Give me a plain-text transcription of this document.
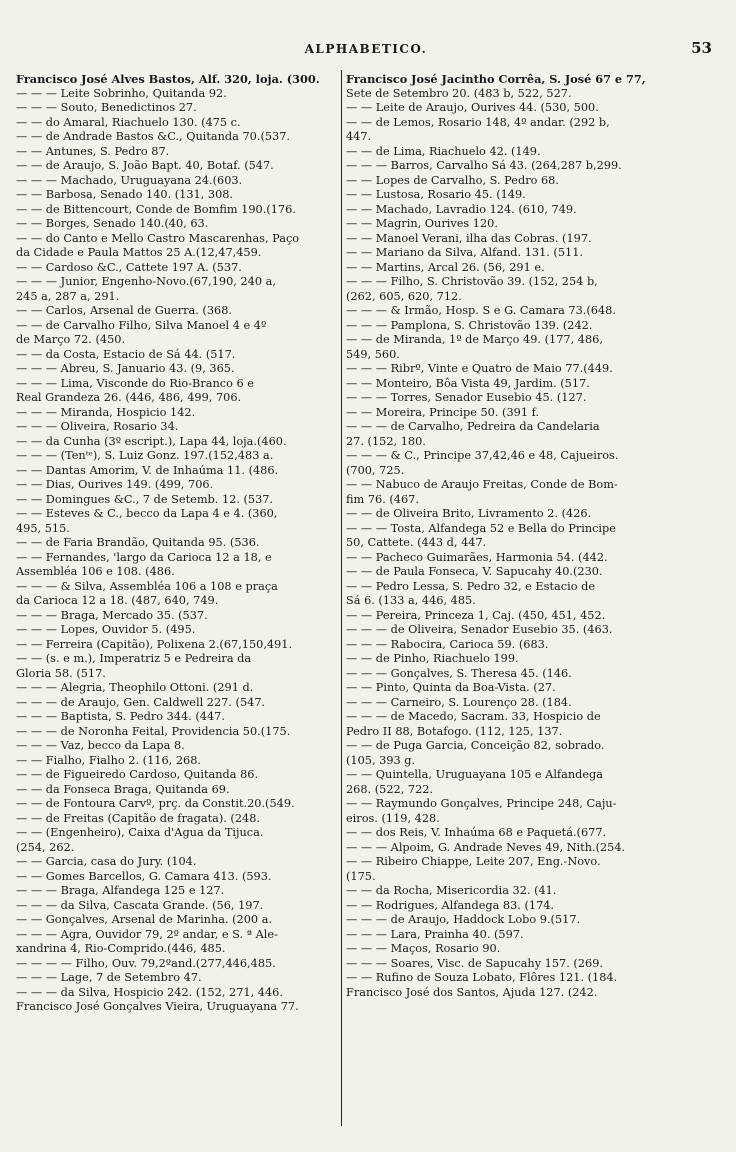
ALPHABETICO.	53
Francisco José Alves Bastos, Alf. 320, loja. (300.
— — — Leite Sobrinho, Quitanda 92.
— — — Souto, Benedictinos 27.
— — do Amaral, Riachuelo 130. (475 c.
— — de Andrade Bastos &C., Quitanda 70.(537.
— — Antunes, S. Pedro 87.
— — de Araujo, S. João Bapt. 40, Botaf. (547.
— — — Machado, Uruguayana 24.(603.
— — Barbosa, Senado 140. (131, 308.
— — de Bittencourt, Conde de Bomfim 190.(176.
— — Borges, Senado 140.(40, 63.
— — do Canto e Mello Castro Mascarenhas, Paço
da Cidade e Paula Mattos 25 A.(12,47,459.
— — Cardoso &C., Cattete 197 A. (537.
— — — Junior, Engenho-Novo.(67,190, 240 a,
245 a, 287 a, 291.
— — Carlos, Arsenal de Guerra. (368.
— — de Carvalho Filho, Silva Manoel 4 e 4º
de Março 72. (450.
— — da Costa, Estacio de Sá 44. (517.
— — — Abreu, S. Januario 43. (9, 365.
— — — Lima, Visconde do Rio-Branco 6 e
Real Grandeza 26. (446, 486, 499, 706.
— — — Miranda, Hospicio 142.
— — — Oliveira, Rosario 34.
— — da Cunha (3º escript.), Lapa 44, loja.(460.
— — — (Tenᵗᵉ), S. Luiz Gonz. 197.(152,483 a.
— — Dantas Amorim, V. de Inhaúma 11. (486.
— — Dias, Ourives 149. (499, 706.
— — Domingues &C., 7 de Setemb. 12. (537.
— — Esteves & C., becco da Lapa 4 e 4. (360,
495, 515.
— — de Faria Brandão, Quitanda 95. (536.
— — Fernandes, 'largo da Carioca 12 a 18, e
Assembléa 106 e 108. (486.
— — — & Silva, Assembléa 106 a 108 e praça
da Carioca 12 a 18. (487, 640, 749.
— — — Braga, Mercado 35. (537.
— — — Lopes, Ouvidor 5. (495.
— — Ferreira (Capitão), Polixena 2.(67,150,491.
— — (s. e m.), Imperatriz 5 e Pedreira da
Gloria 58. (517.
— — — Alegria, Theophilo Ottoni. (291 d.
— — — de Araujo, Gen. Caldwell 227. (547.
— — — Baptista, S. Pedro 344. (447.
— — — de Noronha Feital, Providencia 50.(175.
— — — Vaz, becco da Lapa 8.
— — Fialho, Fialho 2. (116, 268.
— — de Figueiredo Cardoso, Quitanda 86.
— — da Fonseca Braga, Quitanda 69.
— — de Fontoura Carvº, prç. da Constit.20.(549.
— — de Freitas (Capitão de fragata). (248.
— — (Engenheiro), Caixa d'Agua da Tijuca.
(254, 262.
— — Garcia, casa do Jury. (104.
— — Gomes Barcellos, G. Camara 413. (593.
— — — Braga, Alfandega 125 e 127.
— — — da Silva, Cascata Grande. (56, 197.
— — Gonçalves, Arsenal de Marinha. (200 a.
— — — Agra, Ouvidor 79, 2º andar, e S. ª Ale-
xandrina 4, Rio-Comprido.(446, 485.
— — — — Filho, Ouv. 79,2ºand.(277,446,485.
— — — Lage, 7 de Setembro 47.
— — — da Silva, Hospicio 242. (152, 271, 446.
Francisco José Gonçalves Vieira, Uruguayana 77.
Francisco José Jacintho Corrêa, S. José 67 e 77,
Sete de Setembro 20. (483 b, 522, 527.
— — Leite de Araujo, Ourives 44. (530, 500.
— — de Lemos, Rosario 148, 4º andar. (292 b,
447.
— — de Lima, Riachuelo 42. (149.
— — — Barros, Carvalho Sá 43. (264,287 b,299.
— — Lopes de Carvalho, S. Pedro 68.
— — Lustosa, Rosario 45. (149.
— — Machado, Lavradio 124. (610, 749.
— — Magrin, Ourives 120.
— — Manoel Verani, ilha das Cobras. (197.
— — Mariano da Silva, Alfand. 131. (511.
— — Martins, Arcal 26. (56, 291 e.
— — — Filho, S. Christovão 39. (152, 254 b,
(262, 605, 620, 712.
— — — & Irmão, Hosp. S e G. Camara 73.(648.
— — — Pamplona, S. Christovão 139. (242.
— — de Miranda, 1º de Março 49. (177, 486,
549, 560.
— — — Ribrº, Vinte e Quatro de Maio 77.(449.
— — Monteiro, Bôa Vista 49, Jardim. (517.
— — — Torres, Senador Eusebio 45. (127.
— — Moreira, Principe 50. (391 f.
— — — de Carvalho, Pedreira da Candelaria
27. (152, 180.
— — — & C., Principe 37,42,46 e 48, Cajueiros.
(700, 725.
— — Nabuco de Araujo Freitas, Conde de Bom-
fim 76. (467.
— — de Oliveira Brito, Livramento 2. (426.
— — — Tosta, Alfandega 52 e Bella do Principe
50, Cattete. (443 d, 447.
— — Pacheco Guimarães, Harmonia 54. (442.
— — de Paula Fonseca, V. Sapucahy 40.(230.
— — Pedro Lessa, S. Pedro 32, e Estacio de
Sá 6. (133 a, 446, 485.
— — Pereira, Princeza 1, Caj. (450, 451, 452.
— — — de Oliveira, Senador Eusebio 35. (463.
— — — Rabocira, Carioca 59. (683.
— — de Pinho, Riachuelo 199.
— — — Gonçalves, S. Theresa 45. (146.
— — Pinto, Quinta da Boa-Vista. (27.
— — — Carneiro, S. Lourenço 28. (184.
— — — de Macedo, Sacram. 33, Hospicio de
Pedro II 88, Botafogo. (112, 125, 137.
— — de Puga Garcia, Conceição 82, sobrado.
(105, 393 g.
— — Quintella, Uruguayana 105 e Alfandega
268. (522, 722.
— — Raymundo Gonçalves, Principe 248, Caju-
eiros. (119, 428.
— — dos Reis, V. Inhaúma 68 e Paquetá.(677.
— — — Alpoim, G. Andrade Neves 49, Nith.(254.
— — Ribeiro Chiappe, Leite 207, Eng.-Novo.
(175.
— — da Rocha, Misericordia 32. (41.
— — Rodrigues, Alfandega 83. (174.
— — — de Araujo, Haddock Lobo 9.(517.
— — — Lara, Prainha 40. (597.
— — — Maços, Rosario 90.
— — — Soares, Visc. de Sapucahy 157. (269.
— — Rufino de Souza Lobato, Flôres 121. (184.
Francisco José dos Santos, Ajuda 127. (242.
